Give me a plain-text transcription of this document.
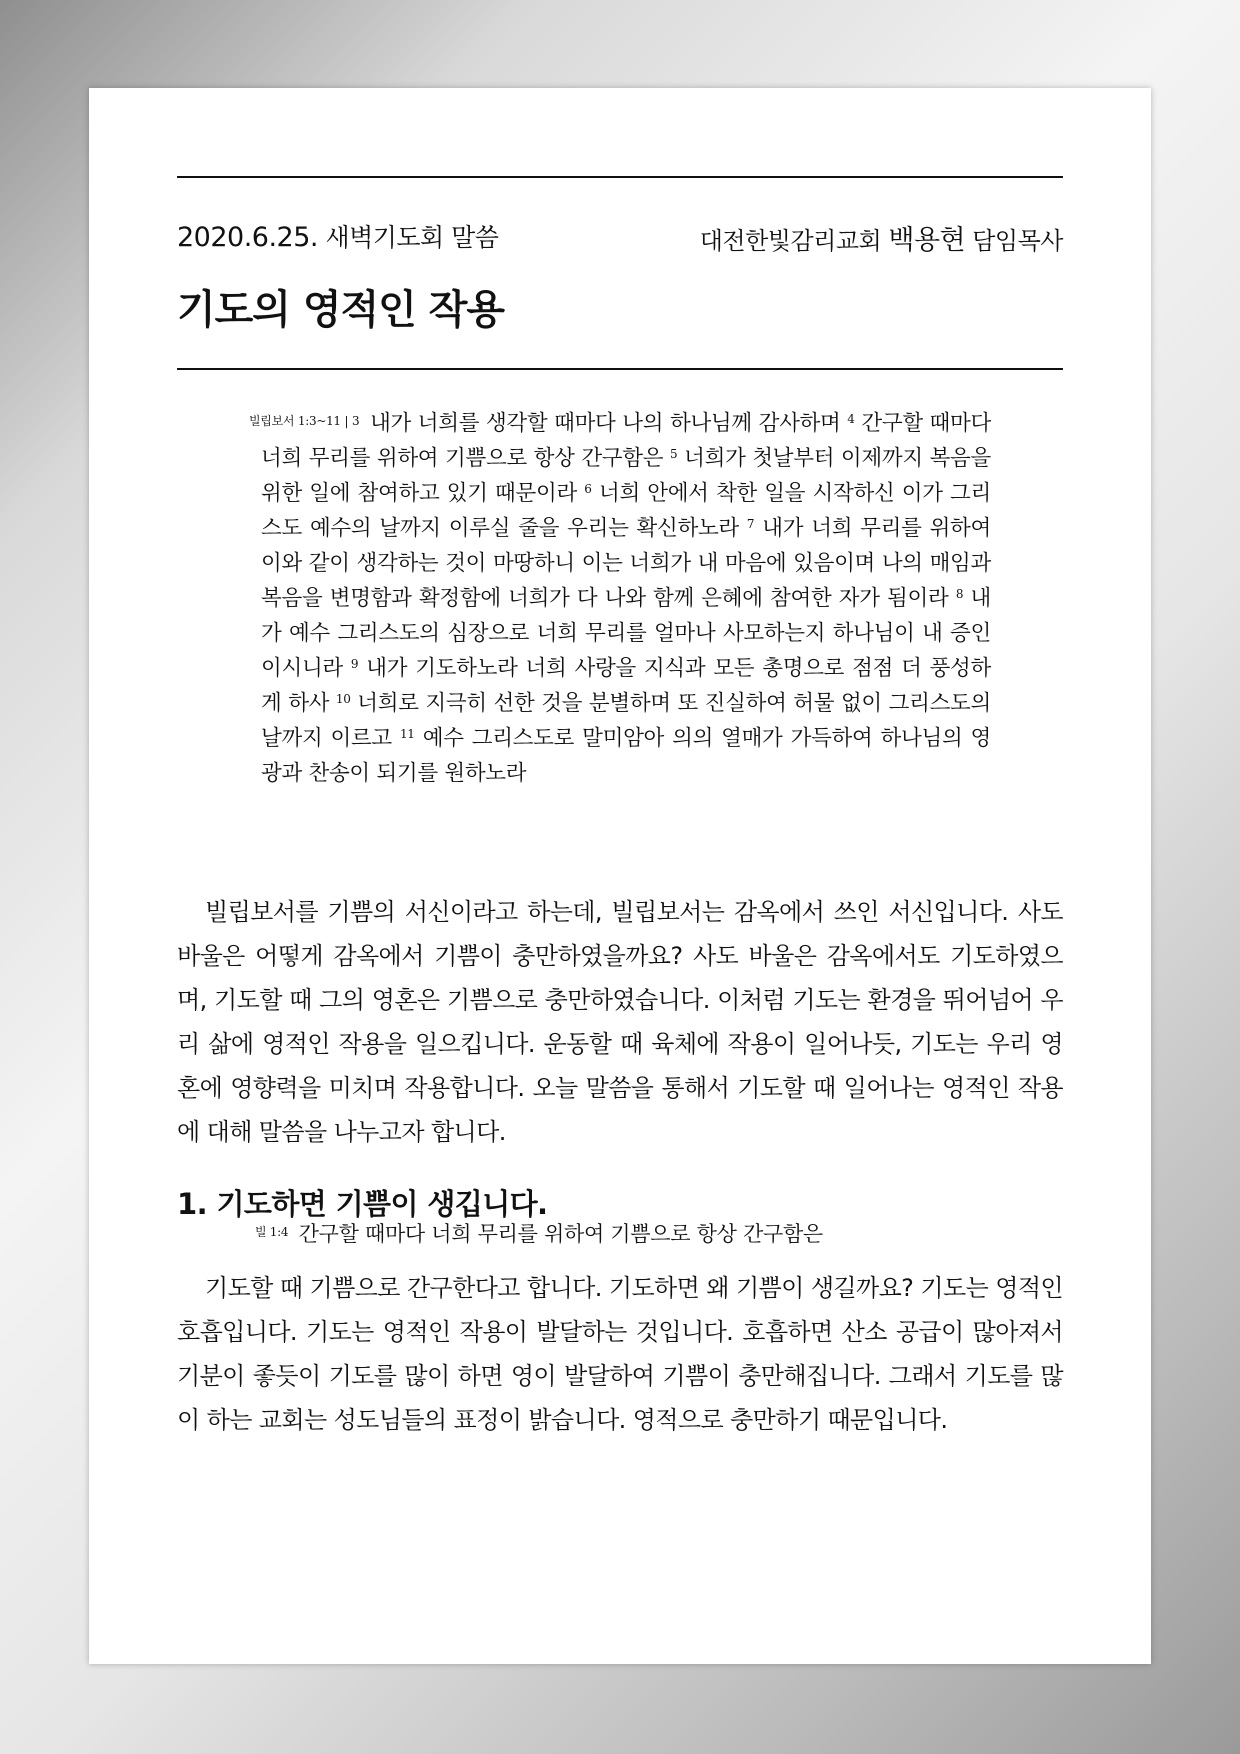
2020.6.25. 새벽기도회 말씀	대전한빛감리교회 백용현 담임목사
기도의 영적인 작용
$^{빌립보서 1:3\sim 11 | 3}$ 내가 너희를 생각할 때마다 나의 하나님께 감사하며 $^4$ 간구할 때마다 너희 무리를 위하여 기쁨으로 항상 간구함은 $^5$ 너희가 첫날부터 이제까지 복음을 위한 일에 참여하고 있기 때문이라 $^6$ 너희 안에서 착한 일을 시작하신 이가 그리스도 예수의 날까지 이루실 줄을 우리는 확신하노라 $^7$ 내가 너희 무리를 위하여 이와 같이 생각하는 것이 마땅하니 이는 너희가 내 마음에 있음이며 나의 매임과 복음을 변명함과 확정함에 너희가 다 나와 함께 은혜에 참여한 자가 됨이라 $^8$ 내가 예수 그리스도의 심장으로 너희 무리를 얼마나 사모하는지 하나님이 내 증인이시니라 $^9$ 내가 기도하노라 너희 사랑을 지식과 모든 총명으로 점점 더 풍성하게 하사 $^{10}$ 너희로 지극히 선한 것을 분별하며 또 진실하여 허물 없이 그리스도의 날까지 이르고 $^{11}$ 예수 그리스도로 말미암아 의의 열매가 가득하여 하나님의 영광과 찬송이 되기를 원하노라

빌립보서를 기쁨의 서신이라고 하는데, 빌립보서는 감옥에서 쓰인 서신입니다. 사도 바울은 어떻게 감옥에서 기쁨이 충만하였을까요? 사도 바울은 감옥에서도 기도하였으며, 기도할 때 그의 영혼은 기쁨으로 충만하였습니다. 이처럼 기도는 환경을 뛰어넘어 우리 삶에 영적인 작용을 일으킵니다. 운동할 때 육체에 작용이 일어나듯, 기도는 우리 영혼에 영향력을 미치며 작용합니다. 오늘 말씀을 통해서 기도할 때 일어나는 영적인 작용에 대해 말씀을 나누고자 합니다.

1. 기도하면 기쁨이 생깁니다.

$^{빌 1:4}$ 간구할 때마다 너희 무리를 위하여 기쁨으로 항상 간구함은

기도할 때 기쁨으로 간구한다고 합니다. 기도하면 왜 기쁨이 생길까요? 기도는 영적인 호흡입니다. 기도는 영적인 작용이 발달하는 것입니다. 호흡하면 산소 공급이 많아져서 기분이 좋듯이 기도를 많이 하면 영이 발달하여 기쁨이 충만해집니다. 그래서 기도를 많이 하는 교회는 성도님들의 표정이 밝습니다. 영적으로 충만하기 때문입니다.
